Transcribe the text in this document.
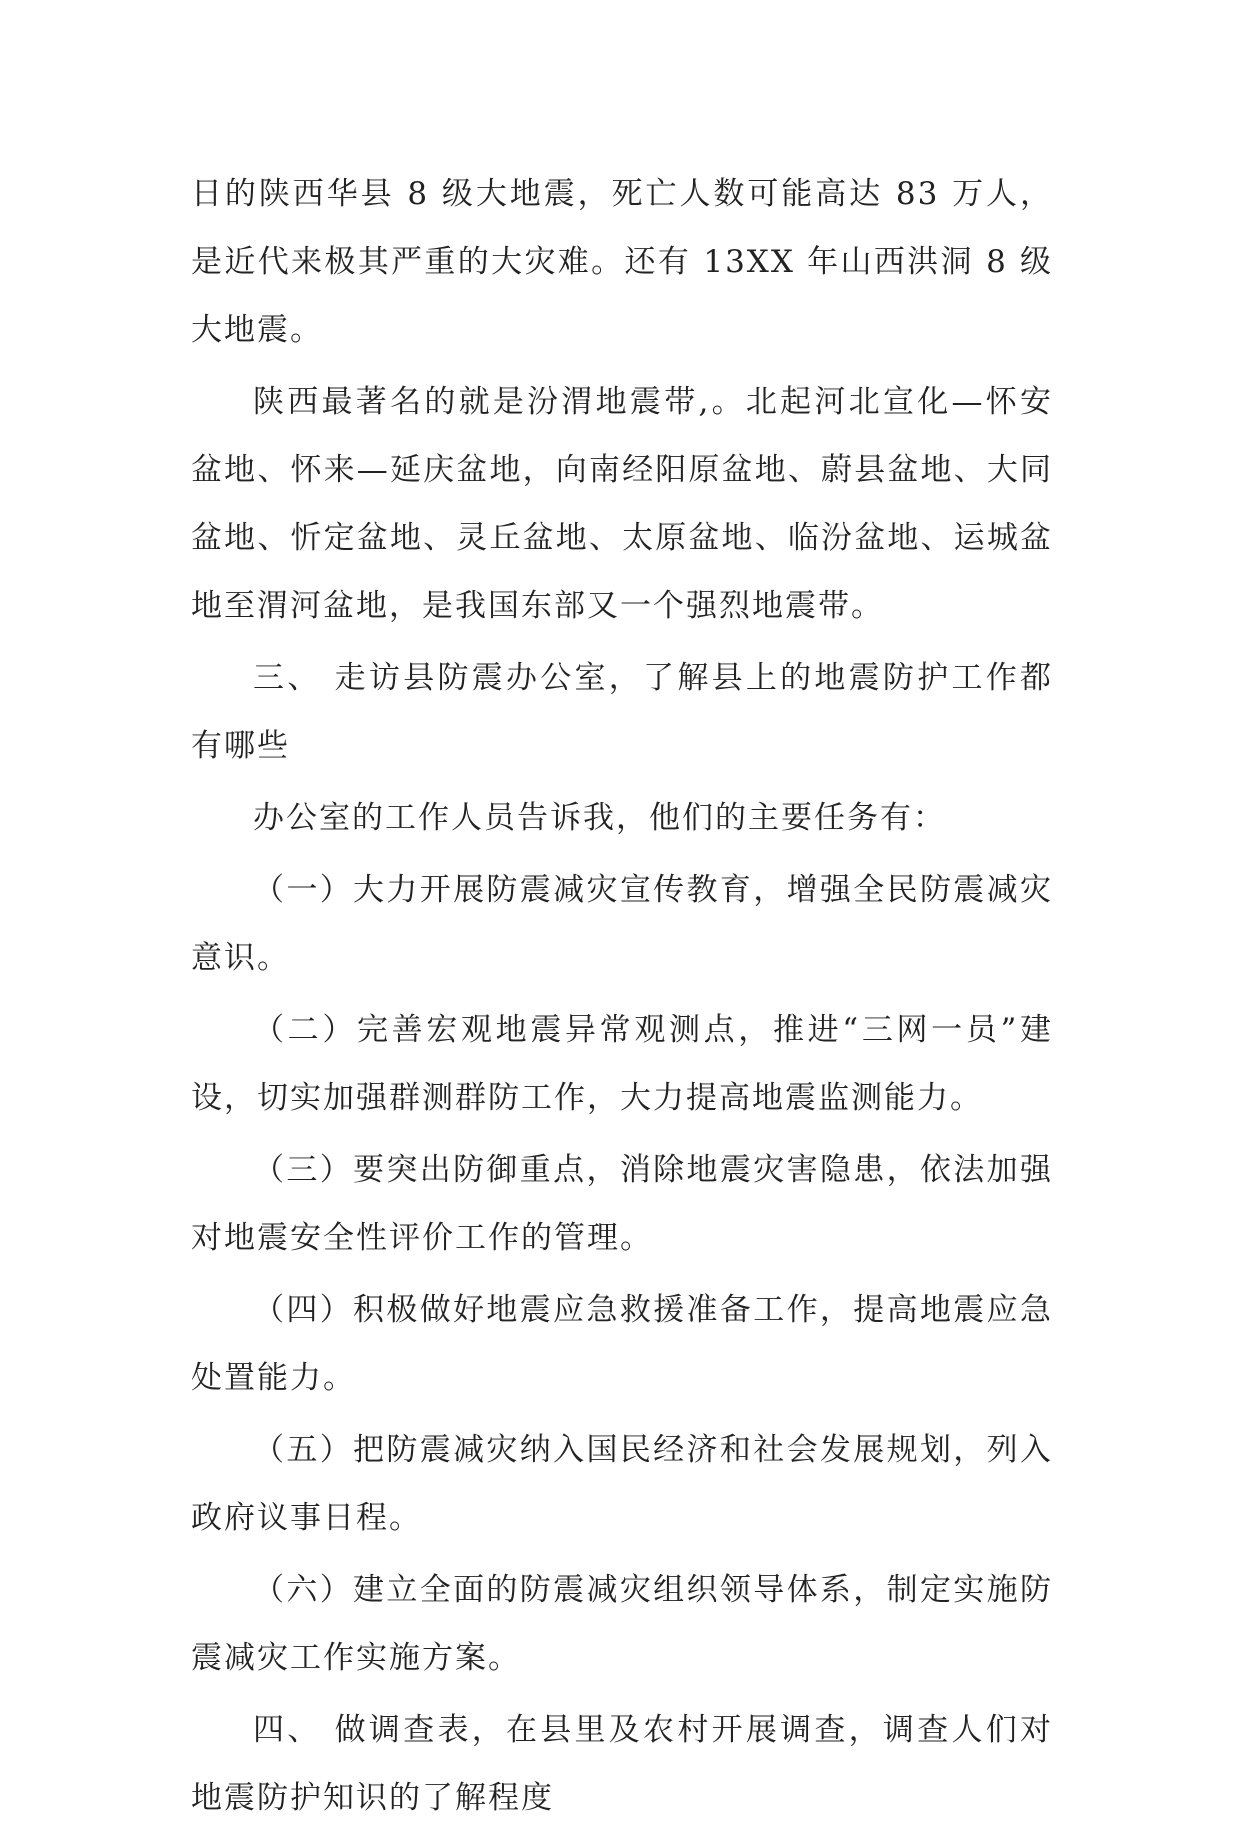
日的陕西华县 8 级大地震，死亡人数可能高达 83 万人，是近代来极其严重的大灾难。还有 13XX 年山西洪洞 8 级大地震。

陕西最著名的就是汾渭地震带,。北起河北宣化—怀安盆地、怀来—延庆盆地，向南经阳原盆地、蔚县盆地、大同盆地、忻定盆地、灵丘盆地、太原盆地、临汾盆地、运城盆地至渭河盆地，是我国东部又一个强烈地震带。

三、 走访县防震办公室，了解县上的地震防护工作都有哪些

办公室的工作人员告诉我，他们的主要任务有：

（一）大力开展防震减灾宣传教育，增强全民防震减灾意识。

（二）完善宏观地震异常观测点，推进“三网一员”建设，切实加强群测群防工作，大力提高地震监测能力。

（三）要突出防御重点，消除地震灾害隐患，依法加强对地震安全性评价工作的管理。

（四）积极做好地震应急救援准备工作，提高地震应急处置能力。

（五）把防震减灾纳入国民经济和社会发展规划，列入政府议事日程。

（六）建立全面的防震减灾组织领导体系，制定实施防震减灾工作实施方案。

四、 做调查表，在县里及农村开展调查，调查人们对地震防护知识的了解程度
